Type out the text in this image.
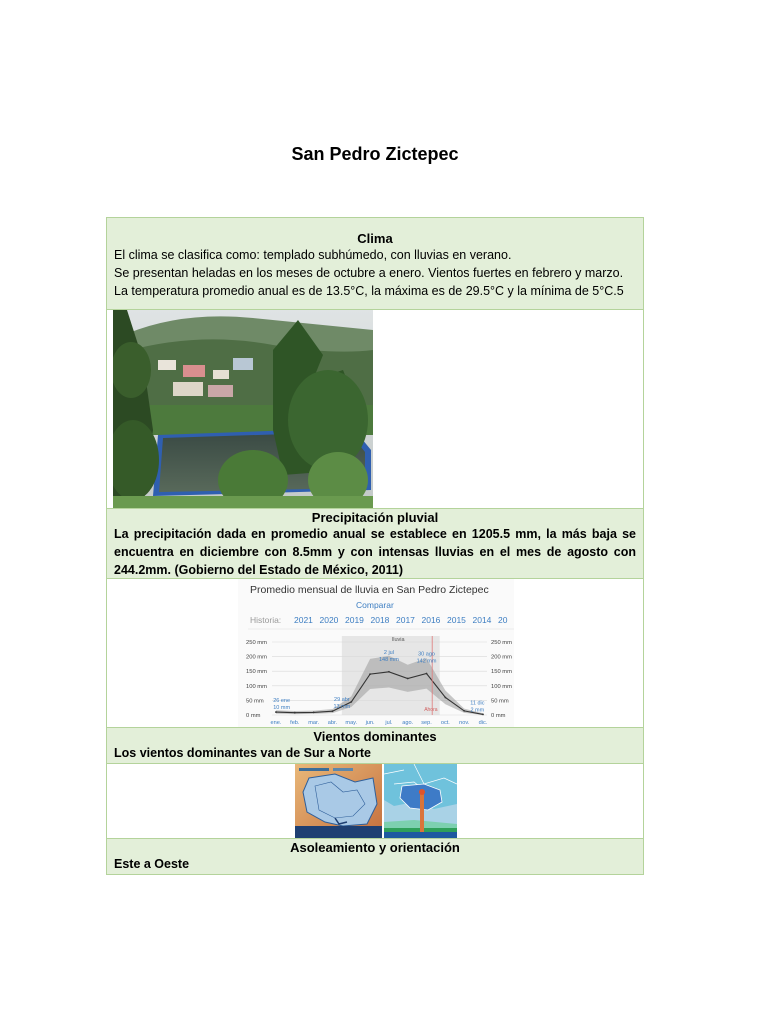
San Pedro Zictepec
Clima
El clima se clasifica como: templado subhúmedo, con lluvias en verano.
Se presentan heladas en los meses de octubre a enero. Vientos fuertes en febrero y marzo.
La temperatura promedio anual es de 13.5°C, la máxima es de 29.5°C y la mínima de 5°C.5
Precipitación pluvial
La precipitación dada en promedio anual se establece en 1205.5 mm, la más baja se
encuentra en diciembre con 8.5mm y con intensas lluvias en el mes de agosto con
244.2mm. (Gobierno del Estado de México, 2011)
Promedio mensual de lluvia en San Pedro Zictepec
Comparar
Historia: 2021 2020 2019 2018 2017 2016 2015 2014 20
lluvia
250 mm	250 mm
200 mm	200 mm
150 mm	150 mm
100 mm	100 mm
50 mm	50 mm
0 mm	0 mm
ene. feb. mar. abr. may. jun. jul. ago. sep. oct. nov. dic.
Ahora
26 ene
10 mm
29 abr
13 mm
2 jul
148 mm
30 ago
142 mm
11 dic
2 mm
Vientos dominantes
Los vientos dominantes van de Sur a Norte
Asoleamiento y orientación
Este a Oeste
